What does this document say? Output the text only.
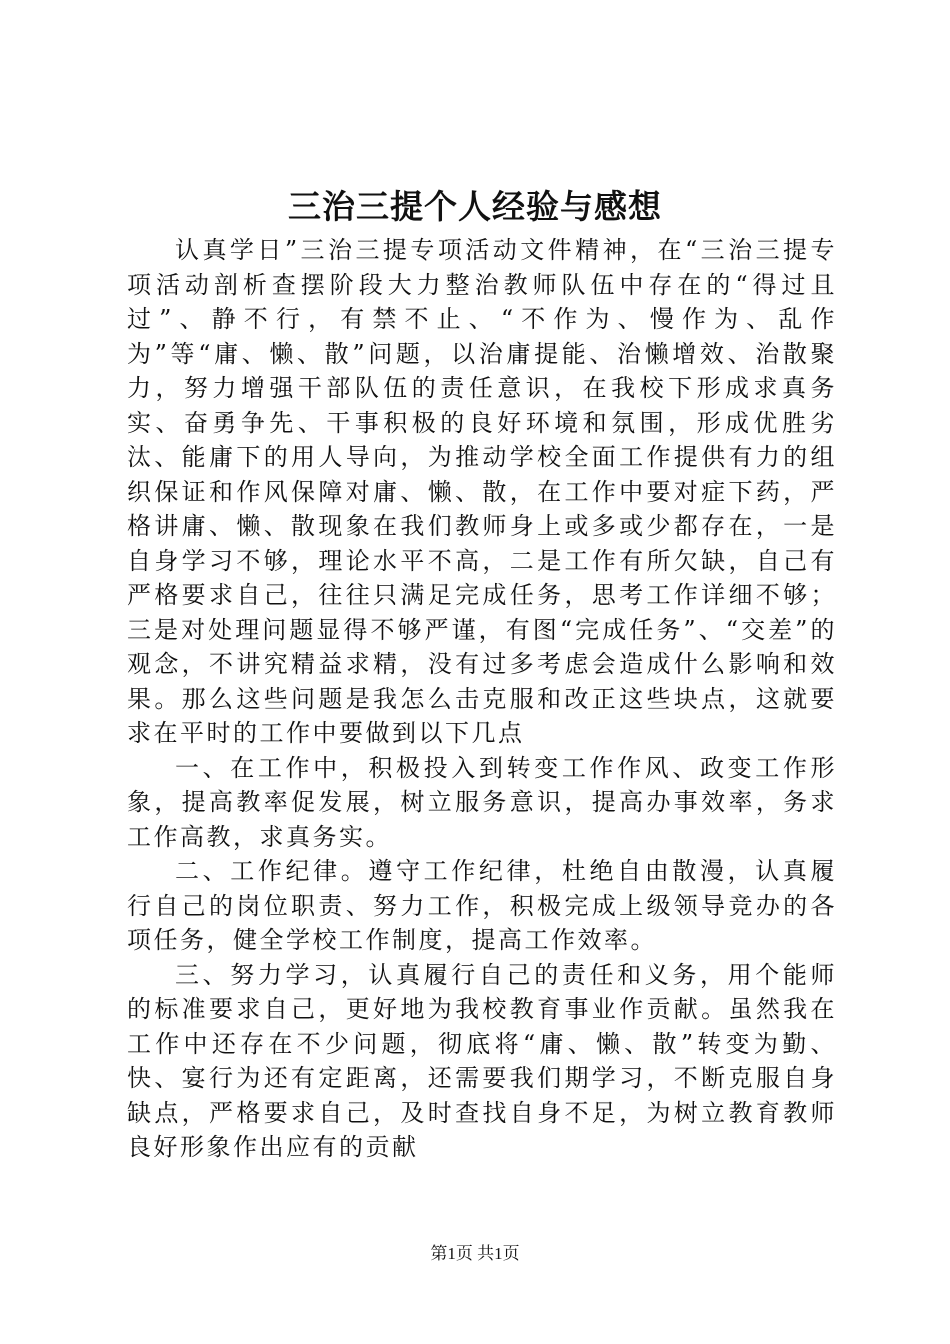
三治三提个人经验与感想

认真学日”三治三提专项活动文件精神，在“三治三提专项活动剖析查摆阶段大力整治教师队伍中存在的“得过且过”、静不行，有禁不止、“不作为、慢作为、乱作为”等“庸、懒、散”问题，以治庸提能、治懒增效、治散聚力，努力增强干部队伍的责任意识，在我校下形成求真务实、奋勇争先、干事积极的良好环境和氛围，形成优胜劣汰、能庸下的用人导向，为推动学校全面工作提供有力的组织保证和作风保障对庸、懒、散，在工作中要对症下药，严格讲庸、懒、散现象在我们教师身上或多或少都存在，一是自身学习不够，理论水平不高，二是工作有所欠缺，自己有严格要求自己，往往只满足完成任务，思考工作详细不够；三是对处理问题显得不够严谨，有图“完成任务”、“交差”的观念，不讲究精益求精，没有过多考虑会造成什么影响和效果。那么这些问题是我怎么击克服和改正这些块点，这就要求在平时的工作中要做到以下几点

一、在工作中，积极投入到转变工作作风、政变工作形象，提高教率促发展，树立服务意识，提高办事效率，务求工作高教，求真务实。

二、工作纪律。遵守工作纪律，杜绝自由散漫，认真履行自己的岗位职责、努力工作，积极完成上级领导竞办的各项任务，健全学校工作制度，提高工作效率。

三、努力学习，认真履行自己的责任和义务，用个能师的标准要求自己，更好地为我校教育事业作贡献。虽然我在工作中还存在不少问题，彻底将“庸、懒、散”转变为勤、快、宴行为还有定距离，还需要我们期学习，不断克服自身缺点，严格要求自己，及时查找自身不足，为树立教育教师良好形象作出应有的贡献

第1页 共1页
